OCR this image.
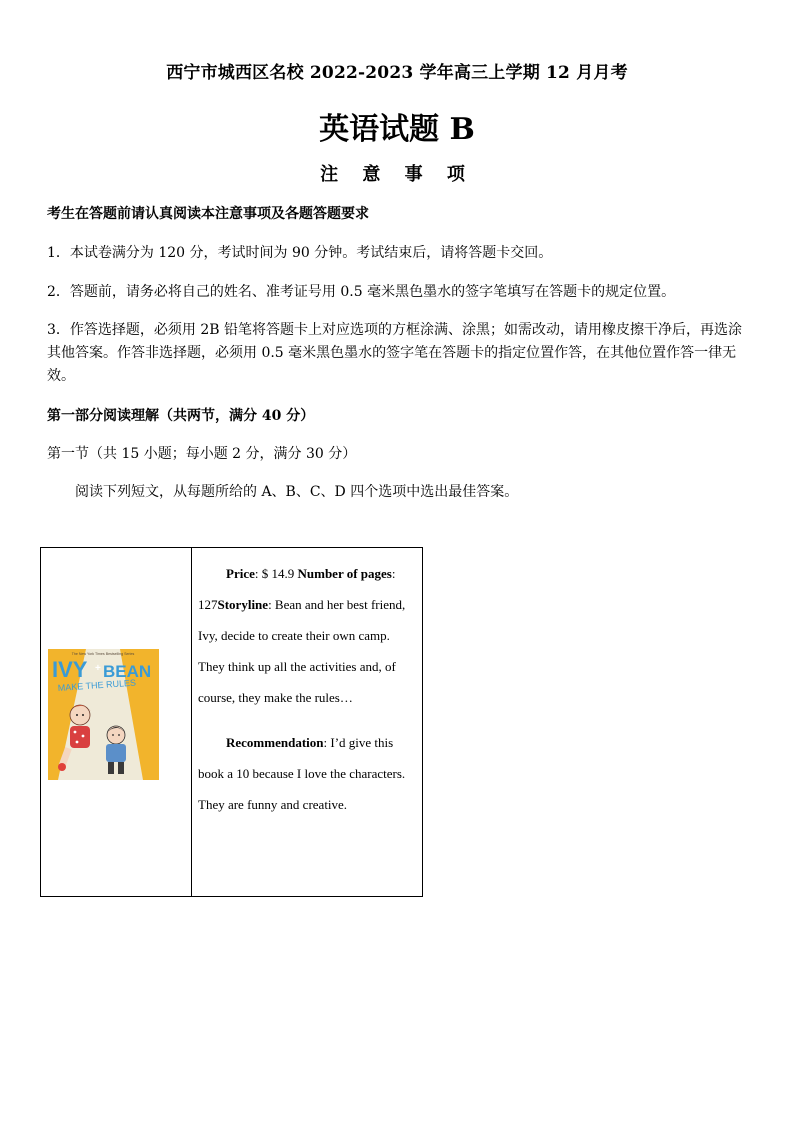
西宁市城西区名校 2022-2023 学年高三上学期 12 月月考
英语试题 B
注 意 事 项
考生在答题前请认真阅读本注意事项及各题答题要求
1．本试卷满分为 120 分，考试时间为 90 分钟。考试结束后，请将答题卡交回。
2．答题前，请务必将自己的姓名、准考证号用 0.5 毫米黑色墨水的签字笔填写在答题卡的规定位置。
3．作答选择题，必须用 2B 铅笔将答题卡上对应选项的方框涂满、涂黑；如需改动，请用橡皮擦干净后，再选涂其他答案。作答非选择题，必须用 0.5 毫米黑色墨水的签字笔在答题卡的指定位置作答，在其他位置作答一律无效。
第一部分阅读理解（共两节，满分 40 分）
第一节（共 15 小题；每小题 2 分，满分 30 分）
阅读下列短文，从每题所给的 A、B、C、D 四个选项中选出最佳答案。
The New York Times Bestselling Series
IVY + BEAN
MAKE THE RULES

Price: $ 14.9 Number of pages: 127Storyline: Bean and her best friend, Ivy, decide to create their own camp. They think up all the activities and, of course, they make the rules…

Recommendation: I’d give this book a 10 because I love the characters. They are funny and creative.
